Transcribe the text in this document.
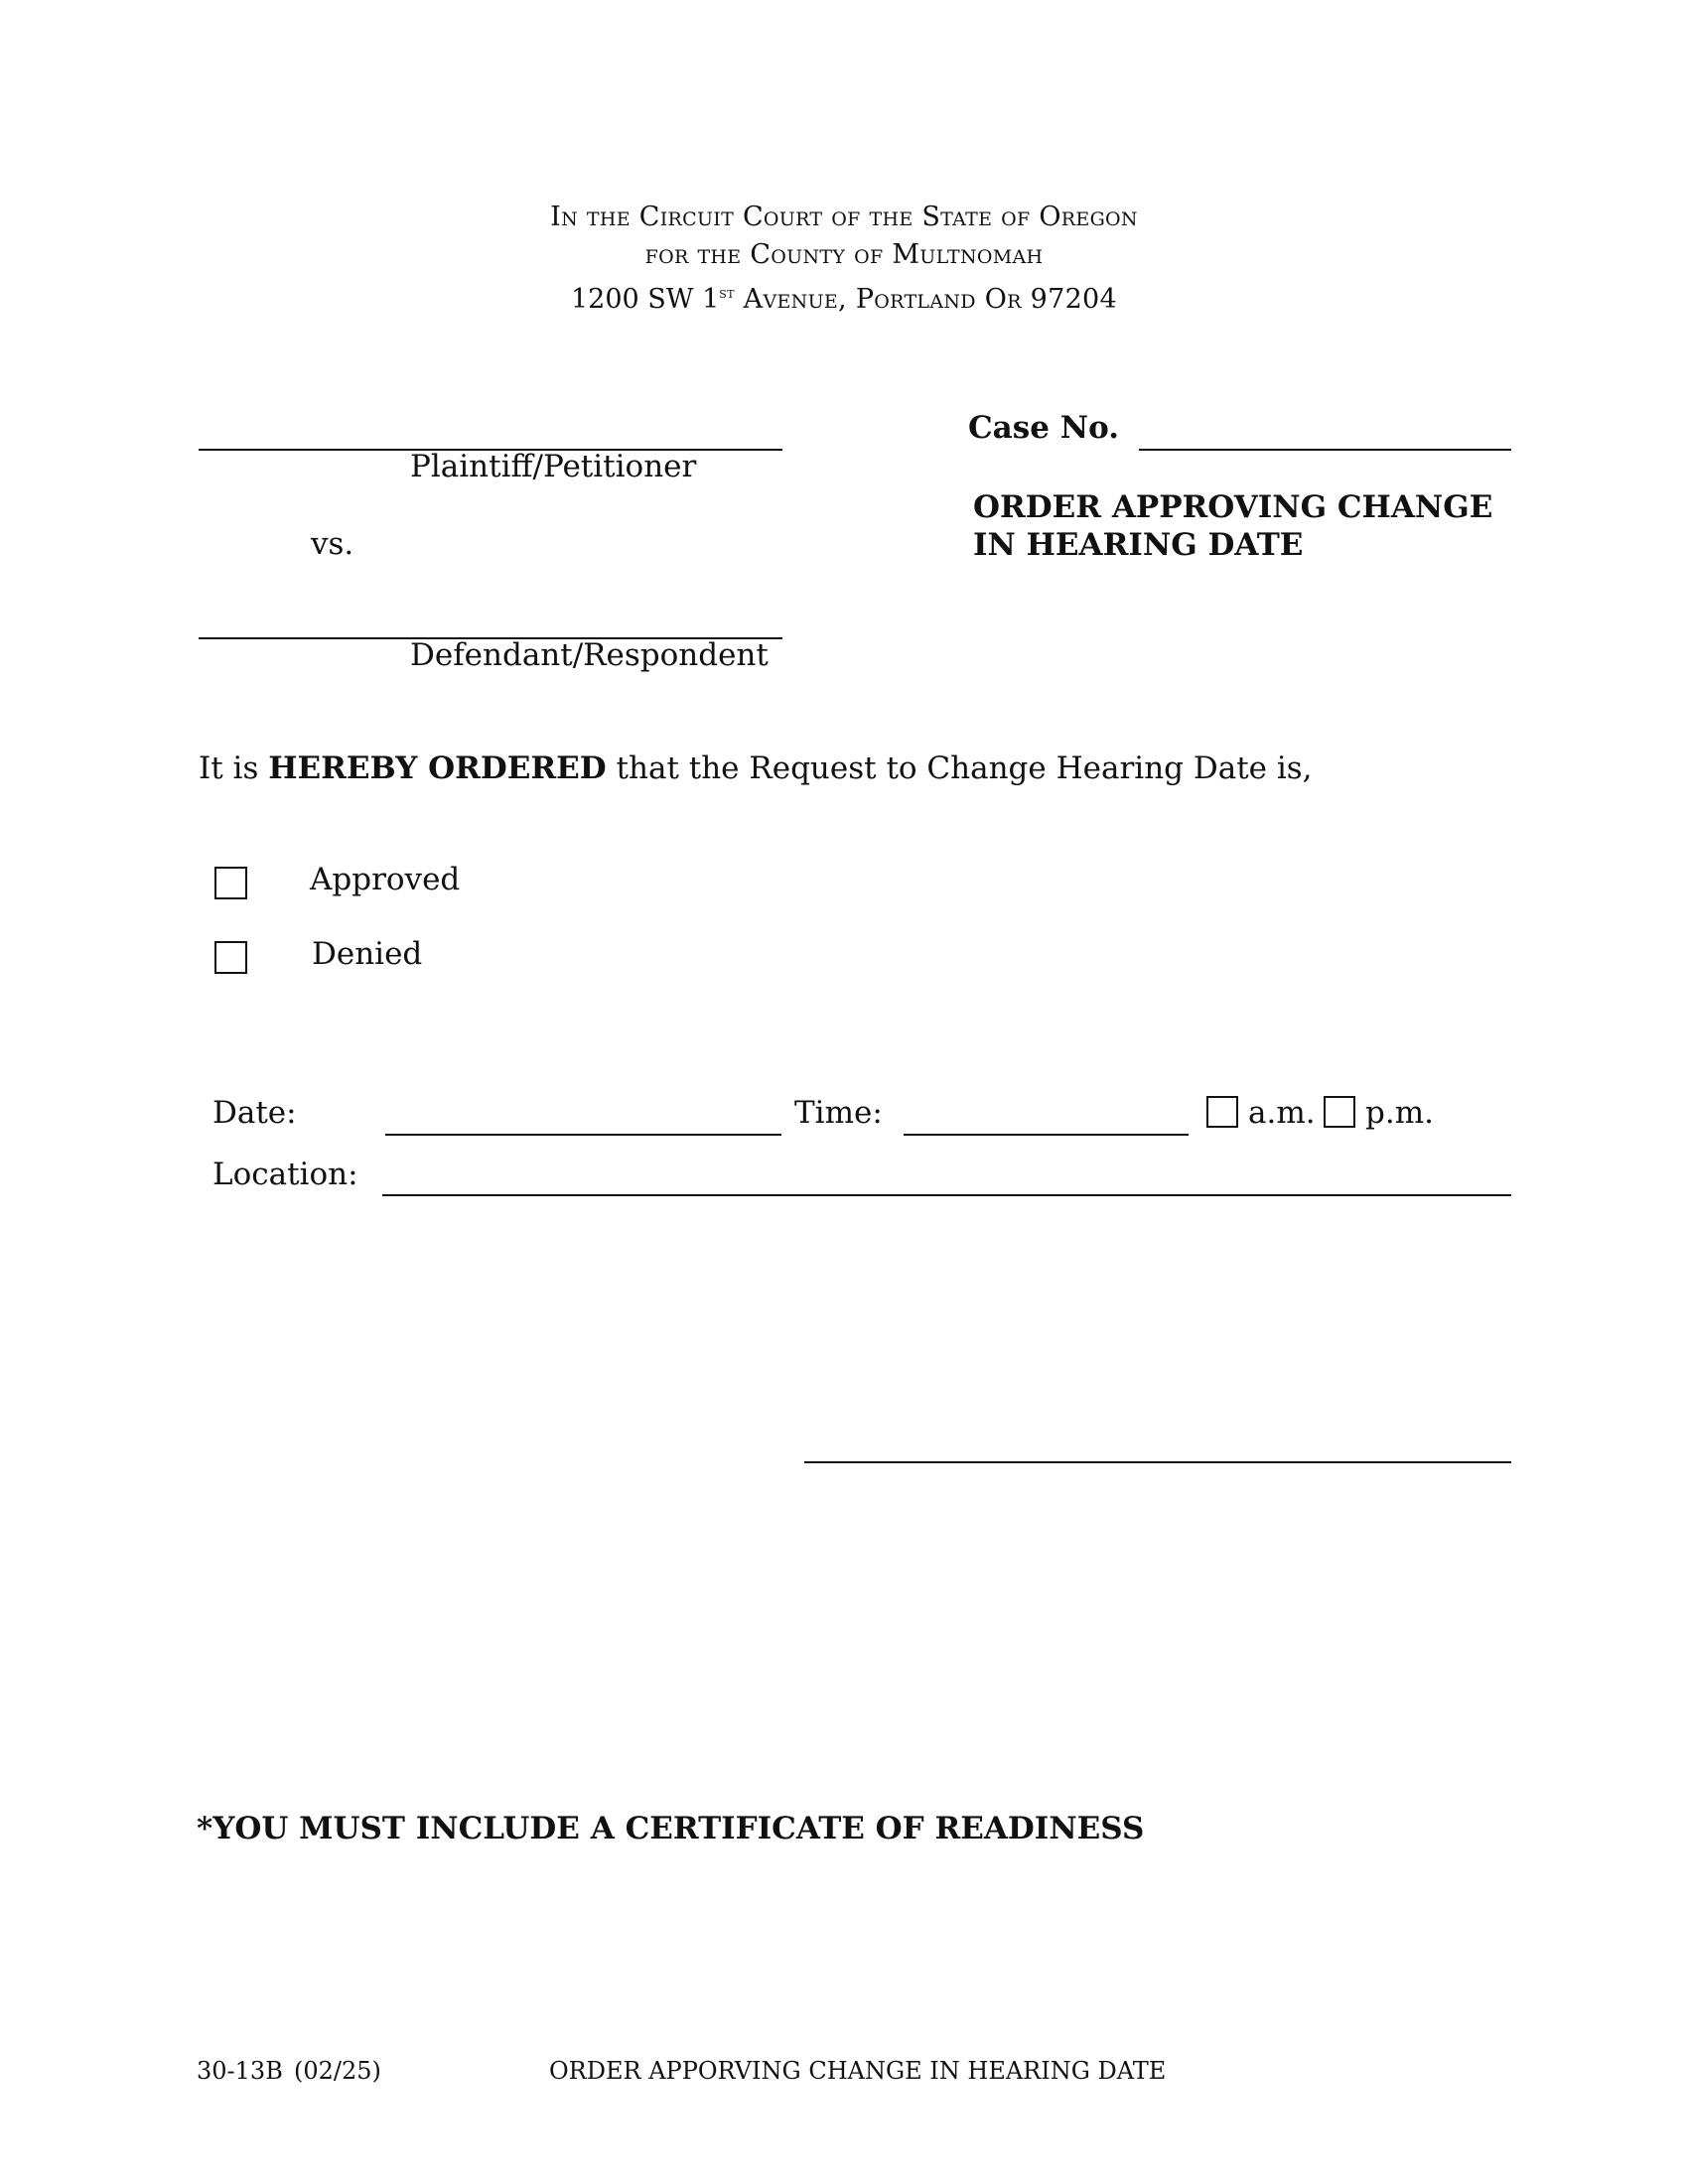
In the Circuit Court of the State of Oregon
for the County of Multnomah
1200 SW 1st Avenue, Portland Or 97204
Plaintiff/Petitioner
vs.
Defendant/Respondent
Case No.
ORDER APPROVING CHANGE
IN HEARING DATE
It is HEREBY ORDERED that the Request to Change Hearing Date is,
Approved
Denied
Date:	Time:	a.m. p.m.
Location:
*YOU MUST INCLUDE A CERTIFICATE OF READINESS
30-13B (02/25)	ORDER APPORVING CHANGE IN HEARING DATE
